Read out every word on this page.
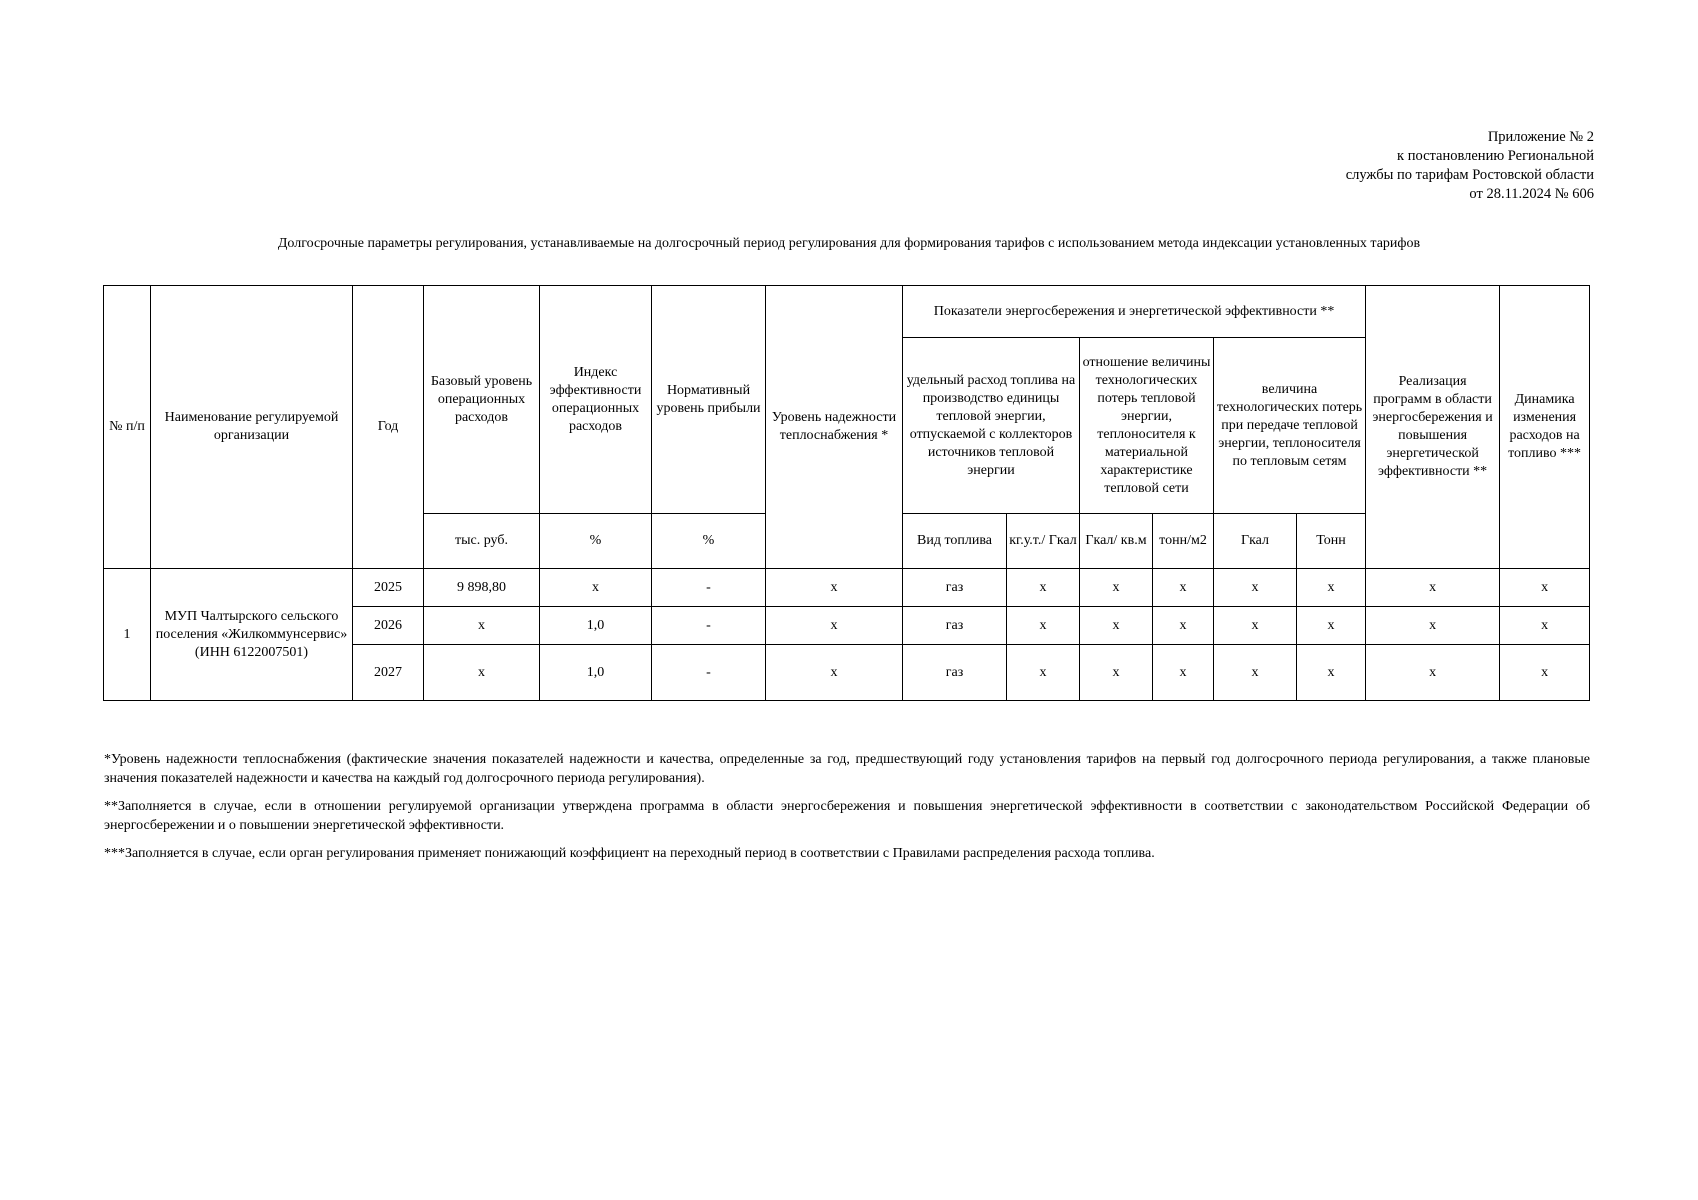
Приложение № 2
к постановлению Региональной
службы по тарифам Ростовской области
от 28.11.2024 № 606
Долгосрочные параметры регулирования, устанавливаемые на долгосрочный период регулирования для формирования тарифов с использованием метода индексации установленных тарифов
№ п/п	Наименование регулируемой организации	Год	Базовый уровень операционных расходов	Индекс эффективности операционных расходов	Нормативный уровень прибыли	Уровень надежности теплоснабжения *	Показатели энергосбережения и энергетической эффективности **						Реализация программ в области энергосбережения и повышения энергетической эффективности **	Динамика изменения расходов на топливо ***
							удельный расход топлива на производство единицы тепловой энергии, отпускаемой с коллекторов источников тепловой энергии		отношение величины технологических потерь тепловой энергии, теплоносителя к материальной характеристике тепловой сети		величина технологических потерь при передаче тепловой энергии, теплоносителя по тепловым сетям			
			тыс. руб.	%	%		Вид топлива	кг.у.т./ Гкал	Гкал/ кв.м	тонн/м2	Гкал	Тонн		
1	МУП Чалтырского сельского поселения «Жилкоммунсервис» (ИНН 6122007501)	2025	9 898,80	х	-	х	газ	х	х	х	х	х	х	х
		2026	х	1,0	-	х	газ	х	х	х	х	х	х	х
		2027	х	1,0	-	х	газ	х	х	х	х	х	х	х

*Уровень надежности теплоснабжения (фактические значения показателей надежности и качества, определенные за год, предшествующий году установления тарифов на первый год долгосрочного периода регулирования, а также плановые значения показателей надежности и качества на каждый год долгосрочного периода регулирования).

**Заполняется в случае, если в отношении регулируемой организации утверждена программа в области энергосбережения и повышения энергетической эффективности в соответствии с законодательством Российской Федерации об энергосбережении и о повышении энергетической эффективности.

***Заполняется в случае, если орган регулирования применяет понижающий коэффициент на переходный период в соответствии с Правилами распределения расхода топлива.
